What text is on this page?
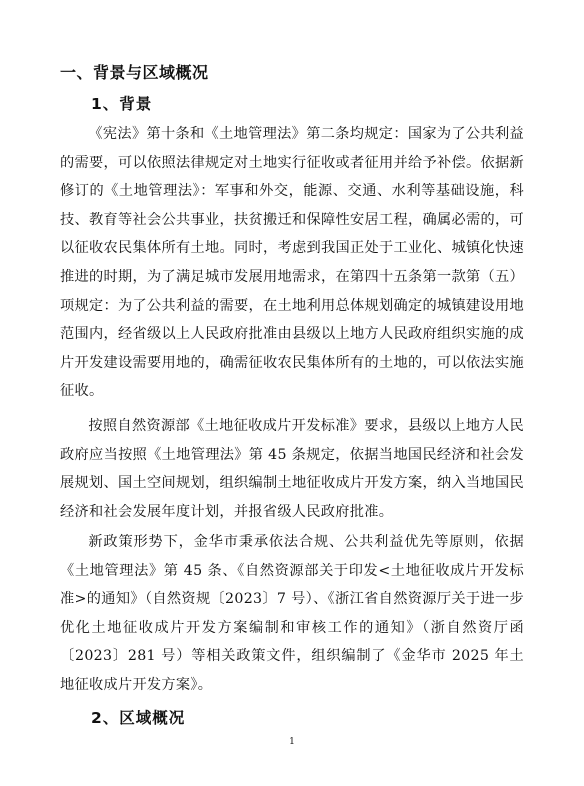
一、背景与区域概况
1、背景

《宪法》第十条和《土地管理法》第二条均规定：国家为了公共利益的需要，可以依照法律规定对土地实行征收或者征用并给予补偿。依据新修订的《土地管理法》：军事和外交，能源、交通、水利等基础设施，科技、教育等社会公共事业，扶贫搬迁和保障性安居工程，确属必需的，可以征收农民集体所有土地。同时，考虑到我国正处于工业化、城镇化快速推进的时期，为了满足城市发展用地需求，在第四十五条第一款第（五）项规定：为了公共利益的需要，在土地利用总体规划确定的城镇建设用地范围内，经省级以上人民政府批准由县级以上地方人民政府组织实施的成片开发建设需要用地的，确需征收农民集体所有的土地的，可以依法实施征收。

按照自然资源部《土地征收成片开发标准》要求，县级以上地方人民政府应当按照《土地管理法》第 45 条规定，依据当地国民经济和社会发展规划、国土空间规划，组织编制土地征收成片开发方案，纳入当地国民经济和社会发展年度计划，并报省级人民政府批准。

新政策形势下，金华市秉承依法合规、公共利益优先等原则，依据《土地管理法》第 45 条、《自然资源部关于印发<土地征收成片开发标准>的通知》（自然资规〔2023〕7 号）、《浙江省自然资源厅关于进一步优化土地征收成片开发方案编制和审核工作的通知》（浙自然资厅函〔2023〕281 号）等相关政策文件，组织编制了《金华市 2025 年土地征收成片开发方案》。

2、区域概况
1
